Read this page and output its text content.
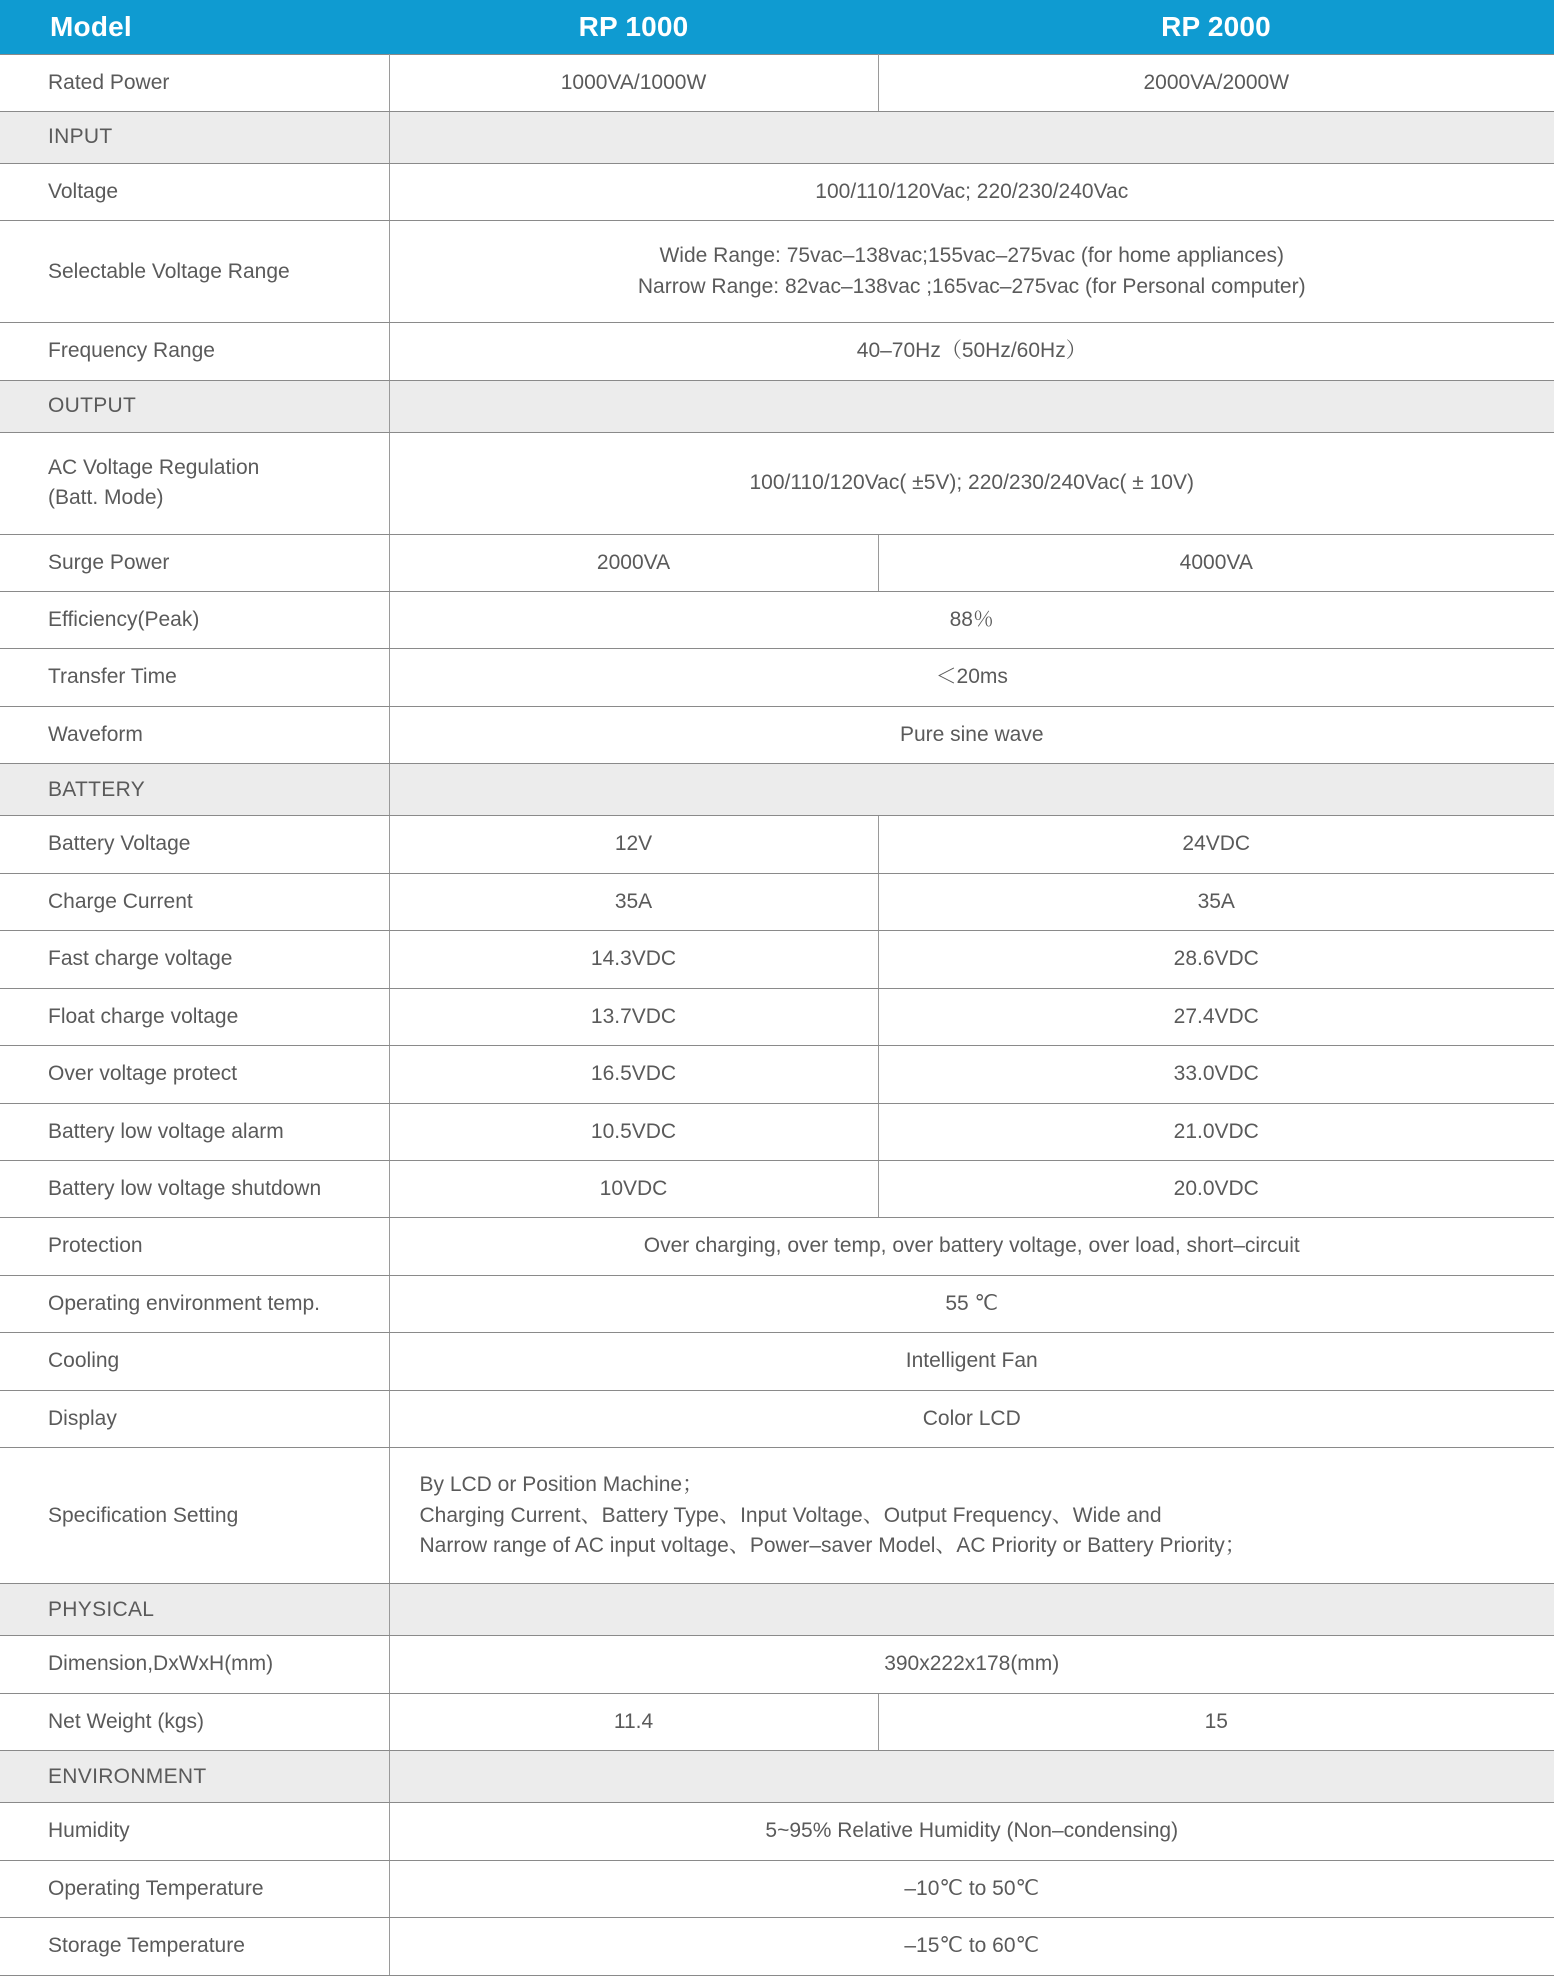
Model	RP 1000	RP 2000
Rated Power	1000VA/1000W	2000VA/2000W
INPUT		
Voltage	100/110/120Vac; 220/230/240Vac	
Selectable Voltage Range	Wide Range: 75vac–138vac;155vac–275vac (for home appliances)
Narrow Range: 82vac–138vac ;165vac–275vac (for Personal computer)	

Frequency Range	40–70Hz（50Hz/60Hz）	
OUTPUT		

AC Voltage Regulation
(Batt. Mode)	100/110/120Vac( ±5V); 220/230/240Vac( ± 10V)	
Surge Power	2000VA	4000VA
Efficiency(Peak)	88％	
Transfer Time	＜20ms	
Waveform	Pure sine wave	
BATTERY		
Battery Voltage	12V	24VDC
Charge Current	35A	35A
Fast charge voltage	14.3VDC	28.6VDC
Float charge voltage	13.7VDC	27.4VDC
Over voltage protect	16.5VDC	33.0VDC
Battery low voltage alarm	10.5VDC	21.0VDC
Battery low voltage shutdown	10VDC	20.0VDC
Protection	Over charging, over temp, over battery voltage, over load, short–circuit	
Operating environment temp.	55 ℃	
Cooling	Intelligent Fan	
Display	Color LCD	
Specification Setting	By LCD or Position Machine；
Charging Current、Battery Type、Input Voltage、Output Frequency、Wide and
Narrow range of AC input voltage、Power–saver Model、AC Priority or Battery Priority；	

PHYSICAL		
Dimension,DxWxH(mm)	390x222x178(mm)	
Net Weight (kgs)	11.4	15
ENVIRONMENT		
Humidity	5~95% Relative Humidity (Non–condensing)	
Operating Temperature	–10℃ to 50℃	
Storage Temperature	–15℃ to 60℃	
